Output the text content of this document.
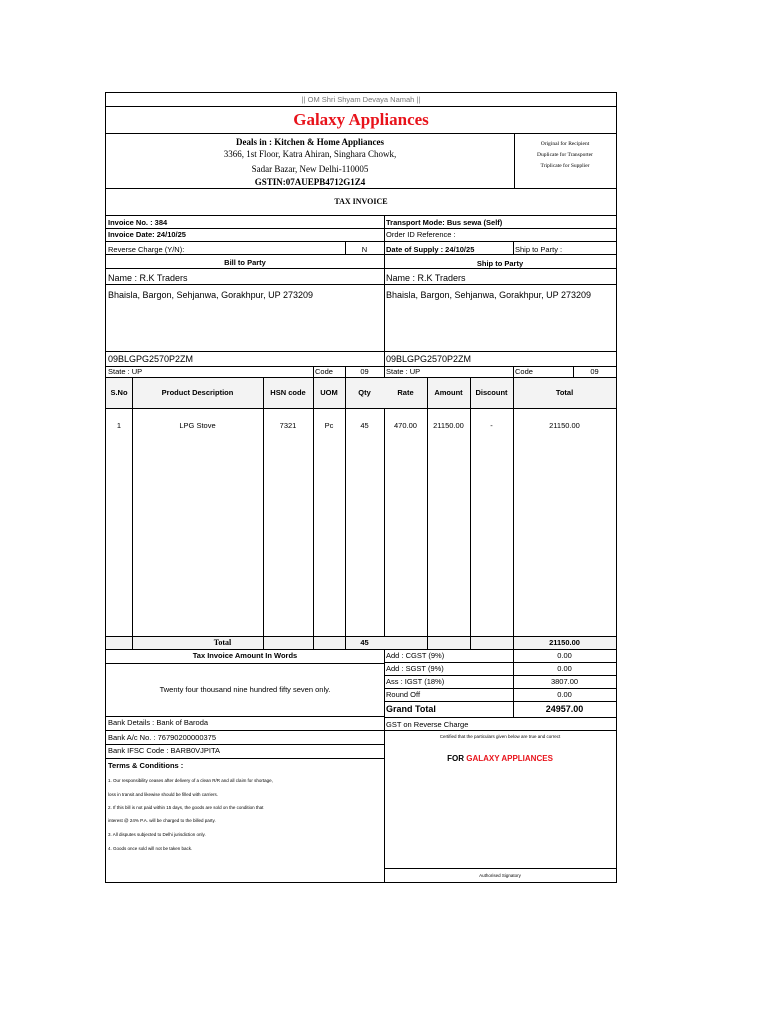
|| OM Shri Shyam Devaya Namah ||
Galaxy Appliances
Deals in : Kitchen & Home Appliances
3366, 1st Floor, Katra Ahiran, Singhara Chowk,
Sadar Bazar, New Delhi-110005
GSTIN:07AUEPB4712G1Z4
Original for Recipient
Duplicate for Transporter
Triplicate for Supplier
TAX INVOICE
Invoice No. : 384	Transport Mode: Bus sewa (Self)
Invoice Date: 24/10/25	Order ID Reference :
Reverse Charge (Y/N):	N	Date of Supply : 24/10/25	Ship to Party :
Bill to Party	Ship to Party
Name : R.K Traders	Name : R.K Traders
Bhaisla, Bargon, Sehjanwa, Gorakhpur, UP 273209	Bhaisla, Bargon, Sehjanwa, Gorakhpur, UP 273209
09BLGPG2570P2ZM	09BLGPG2570P2ZM
State : UP	Code	09	State : UP	Code	09
S.No	Product Description	HSN code	UOM	Qty	Rate	Amount	Discount	Total
1	LPG Stove	7321	Pc	45	470.00	21150.00	-	21150.00
Total	45	21150.00
Tax Invoice Amount In Words
Twenty four thousand nine hundred fifty seven only.
Add : CGST (9%)	0.00
Add : SGST (9%)	0.00
Ass : IGST (18%)	3807.00
Round Off	0.00
Grand Total	24957.00
Bank Details : Bank of Baroda	GST on Reverse Charge
Bank A/c No. : 76790200000375
Bank IFSC Code : BARB0VJPITA
Certified that the particulars given below are true and correct
FOR GALAXY APPLIANCES
Authorised Signatory
Terms & Conditions :
1. Our responsibility ceases after delivery of a clean R/R and all claim for shortage,
loss in transit and likewise should be filled with carriers.
2. If this bill is not paid within 15 days, the goods are sold on the condition that
interest @ 24% P.A. will be charged to the billed party.
3. All disputes subjected to Delhi jurisdiction only.
4. Goods once sold will not be taken back.
